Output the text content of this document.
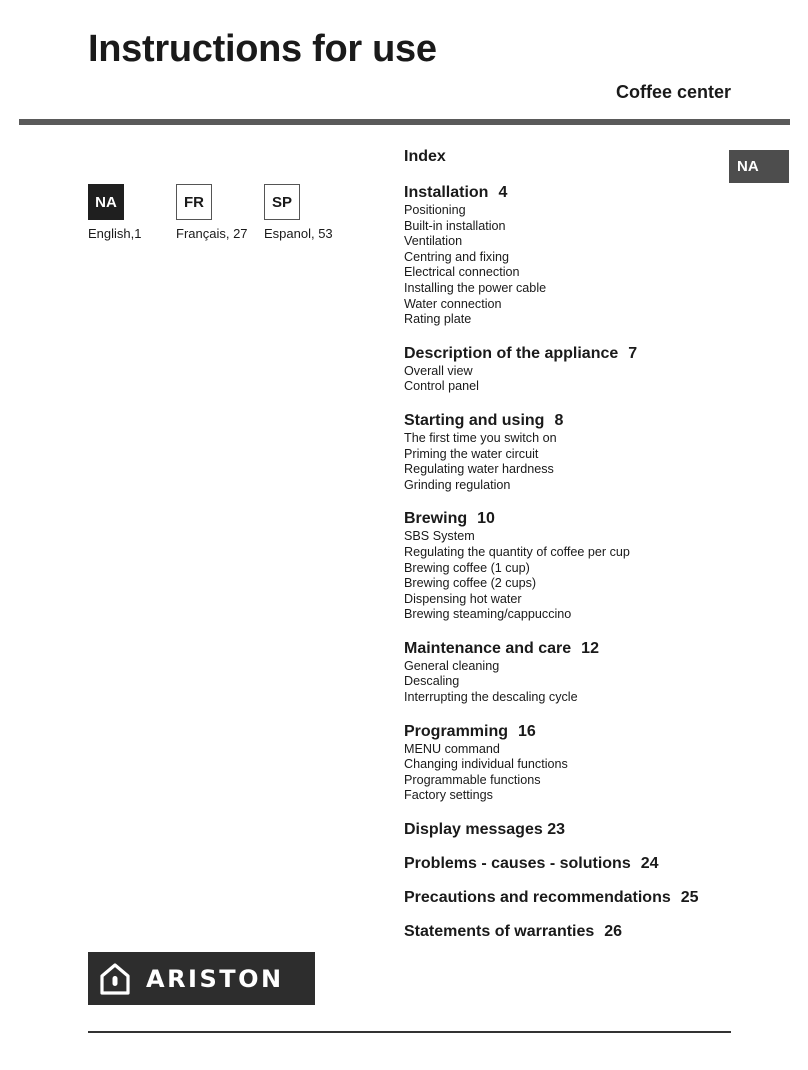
Instructions for use
Coffee center
NA	FR	SP
English,1	Français, 27 Espanol, 53
NA
Index
Installation 4
Positioning
Built-in installation
Ventilation
Centring and fixing
Electrical connection
Installing the power cable
Water connection
Rating plate
Description of the appliance 7
Overall view
Control panel
Starting and using 8
The first time you switch on
Priming the water circuit
Regulating water hardness
Grinding regulation
Brewing 10
SBS System
Regulating the quantity of coffee per cup
Brewing coffee (1 cup)
Brewing coffee (2 cups)
Dispensing hot water
Brewing steaming/cappuccino
Maintenance and care 12
General cleaning
Descaling
Interrupting the descaling cycle
Programming 16
MENU command
Changing individual functions
Programmable functions
Factory settings
Display messages 23
Problems - causes - solutions 24
Precautions and recommendations 25
Statements of warranties 26
ARISTON
